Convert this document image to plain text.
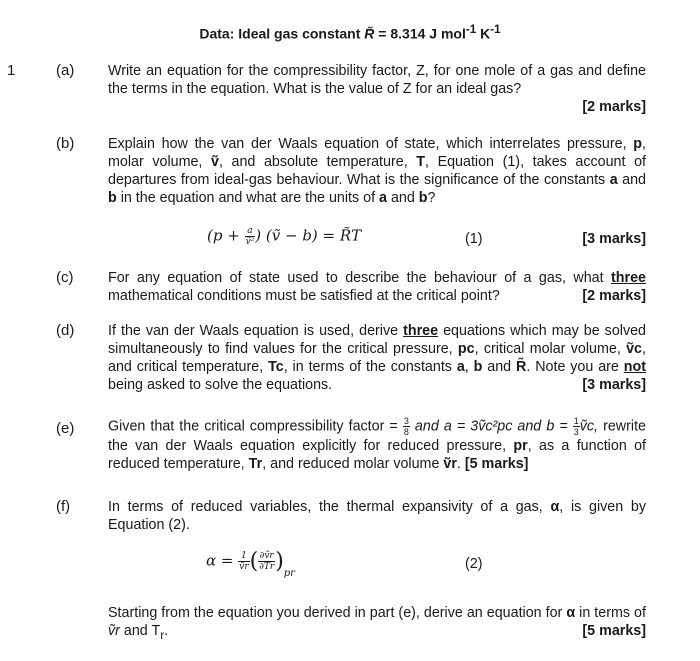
Data: Ideal gas constant R̃ = 8.314 J mol$^{-1}$ $K^{-1}$
1	(a) Write an equation for the compressibility factor, Z, for one mole of a gas and define the terms in the equation. What is the value of Z for an ideal gas?
[2 marks]
(b) Explain how the van der Waals equation of state, which interrelates pressure, p, molar volume, ṽ, and absolute temperature, T, Equation (1), takes account of departures from ideal-gas behaviour. What is the significance of the constants a and b in the equation and what are the units of a and b?
($p + \frac{a}{\text{ṽ²}}$ ) (ṽ − b) = R̃T	(1)	[3 marks]
(c) For any equation of state used to describe the behaviour of a gas, what three mathematical conditions must be satisfied at the critical point?	[2 marks]
(d) If the van der Waals equation is used, derive three equations which may be solved simultaneously to find values for the critical pressure, pc, critical molar volume, ṽc, and critical temperature, Tc, in terms of the constants a, b and R̃. Note you are not being asked to solve the equations.	[3 marks]
(e) Given that the critical compressibility factor = $\frac{3}{8}$ and a = 3ṽc²pc and $b = \frac{1}{3}$ ṽc, rewrite the van der Waals equation explicitly for reduced pressure, pr, as a function of reduced temperature, Tr, and reduced molar volume ṽr. [5 marks]
(f)	In terms of reduced variables, the thermal expansivity of a gas, α, is given by Equation (2).
$\alpha = \frac{1}{\text{ṽr}}$ ( $\frac{\text{∂ṽr}}{\partial Tr} )_{pr}$
(2)
Starting from the equation you derived in part (e), derive an equation for α in terms of ṽr and $T_r$.	[5 marks]
